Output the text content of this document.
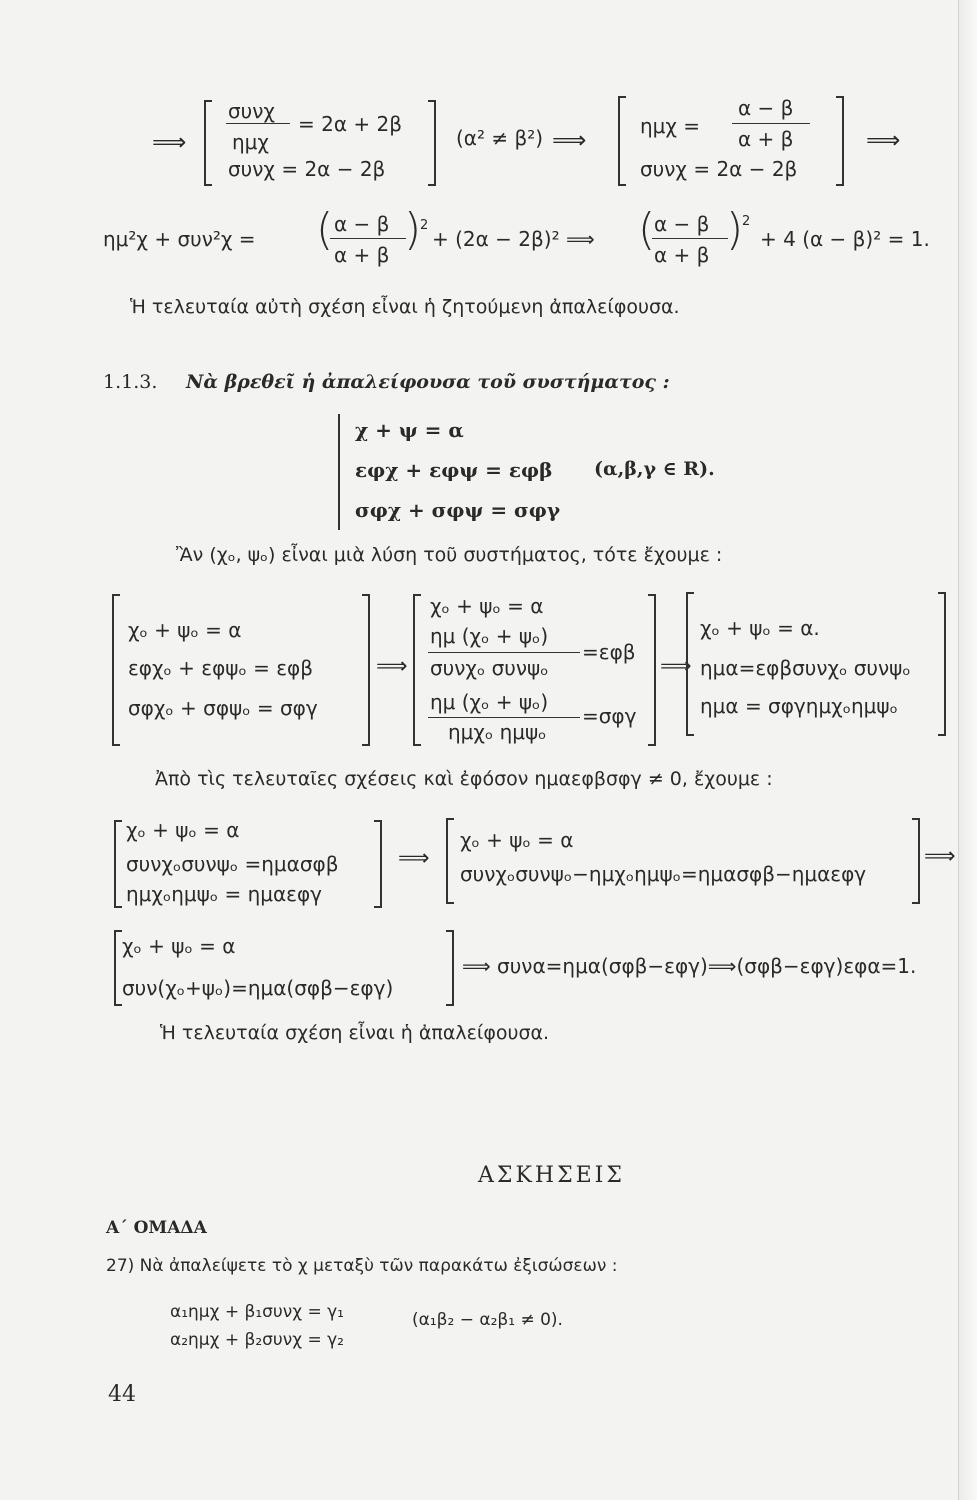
⟹
συνχ
ημχ
= 2α + 2β
συνχ = 2α − 2β
(α² ≠ β²) ⟹	ημχ =
α − β
α + β
συνχ = 2α − 2β
⟹
ημ²χ + συν²χ = ( α − β
α + β )
2
+ (2α − 2β)² ⟹ (
α − β
α + β )
2
+ 4 (α − β)² = 1.
Ἡ τελευταία αὐτὴ σχέση εἶναι ἡ ζητούμενη ἀπαλείφουσα.
1.1.3. Νὰ βρεθεῖ ἡ ἀπαλείφουσα τοῦ συστήματος :
χ + ψ = α
εφχ + εφψ = εφβ (α,β,γ ∈ R).
σφχ + σφψ = σφγ
Ἂν (χₒ, ψₒ) εἶναι μιὰ λύση τοῦ συστήματος, τότε ἔχουμε :
χₒ + ψₒ = α
εφχₒ + εφψₒ = εφβ
σφχₒ + σφψₒ = σφγ
⟹
χₒ + ψₒ = α
ημ (χₒ + ψₒ)
συνχₒ συνψₒ
=εφβ
ημ (χₒ + ψₒ)
ημχₒ ημψₒ
=σφγ
⟹
χₒ + ψₒ = α.
ημα=εφβσυνχₒ συνψₒ
ημα = σφγημχₒημψₒ
Ἀπὸ τὶς τελευταῖες σχέσεις καὶ ἐφόσον ημαεφβσφγ ≠ 0, ἔχουμε :
χₒ + ψₒ = α
συνχₒσυνψₒ =ημασφβ
ημχₒημψₒ = ημαεφγ
⟹
χₒ + ψₒ = α
συνχₒσυνψₒ−ημχₒημψₒ=ημασφβ−ημαεφγ
⟹
χₒ + ψₒ = α
συν(χₒ+ψₒ)=ημα(σφβ−εφγ)
⟹ συνα=ημα(σφβ−εφγ)⟹(σφβ−εφγ)εφα=1.
Ἡ τελευταία σχέση εἶναι ἡ ἀπαλείφουσα.
ΑΣΚΗΣΕΙΣ
Α΄ ΟΜΑΔΑ
27) Νὰ ἀπαλείψετε τὸ χ μεταξὺ τῶν παρακάτω ἐξισώσεων :
α₁ημχ + β₁συνχ = γ₁
α₂ημχ + β₂συνχ = γ₂
(α₁β₂ − α₂β₁ ≠ 0).
44
